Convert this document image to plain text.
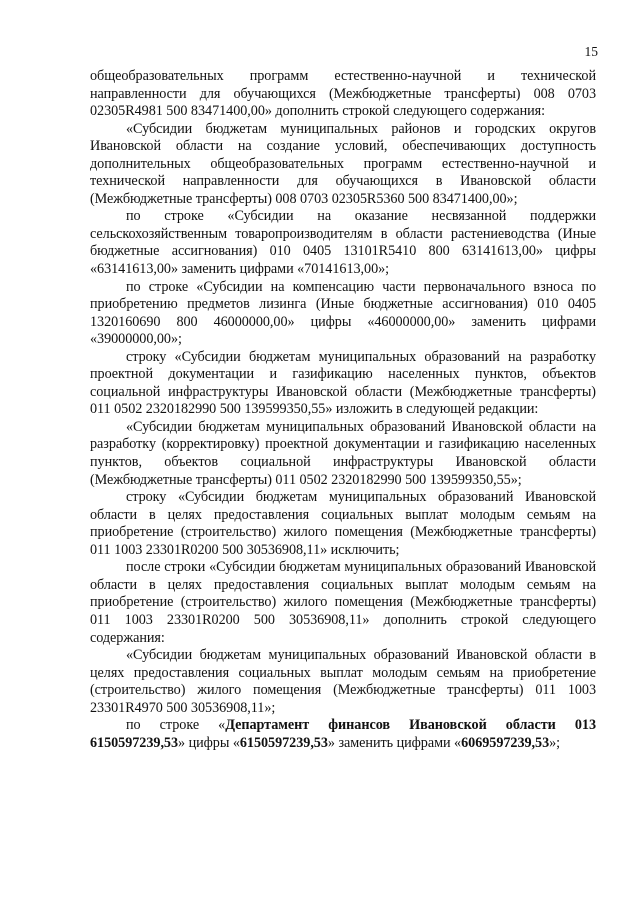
15

общеобразовательных программ естественно-научной и технической направленности для обучающихся (Межбюджетные трансферты) 008 0703 02305R4981 500 83471400,00» дополнить строкой следующего содержания:

«Субсидии бюджетам муниципальных районов и городских округов Ивановской области на создание условий, обеспечивающих доступность дополнительных общеобразовательных программ естественно-научной и технической направленности для обучающихся в Ивановской области (Межбюджетные трансферты) 008 0703 02305R5360 500 83471400,00»;

по строке «Субсидии на оказание несвязанной поддержки сельскохозяйственным товаропроизводителям в области растениеводства (Иные бюджетные ассигнования) 010 0405 13101R5410 800 63141613,00» цифры «63141613,00» заменить цифрами «70141613,00»;

по строке «Субсидии на компенсацию части первоначального взноса по приобретению предметов лизинга (Иные бюджетные ассигнования) 010 0405 1320160690 800 46000000,00» цифры «46000000,00» заменить цифрами «39000000,00»;

строку «Субсидии бюджетам муниципальных образований на разработку проектной документации и газификацию населенных пунктов, объектов социальной инфраструктуры Ивановской области (Межбюджетные трансферты) 011 0502 2320182990 500 139599350,55» изложить в следующей редакции:

«Субсидии бюджетам муниципальных образований Ивановской области на разработку (корректировку) проектной документации и газификацию населенных пунктов, объектов социальной инфраструктуры Ивановской области (Межбюджетные трансферты) 011 0502 2320182990 500 139599350,55»;

строку «Субсидии бюджетам муниципальных образований Ивановской области в целях предоставления социальных выплат молодым семьям на приобретение (строительство) жилого помещения (Межбюджетные трансферты) 011 1003 23301R0200 500 30536908,11» исключить;

после строки «Субсидии бюджетам муниципальных образований Ивановской области в целях предоставления социальных выплат молодым семьям на приобретение (строительство) жилого помещения (Межбюджетные трансферты) 011 1003 23301R0200 500 30536908,11» дополнить строкой следующего содержания:

«Субсидии бюджетам муниципальных образований Ивановской области в целях предоставления социальных выплат молодым семьям на приобретение (строительство) жилого помещения (Межбюджетные трансферты) 011 1003 23301R4970 500 30536908,11»;

по строке «Департамент финансов Ивановской области 013 6150597239,53» цифры «6150597239,53» заменить цифрами «6069597239,53»;
